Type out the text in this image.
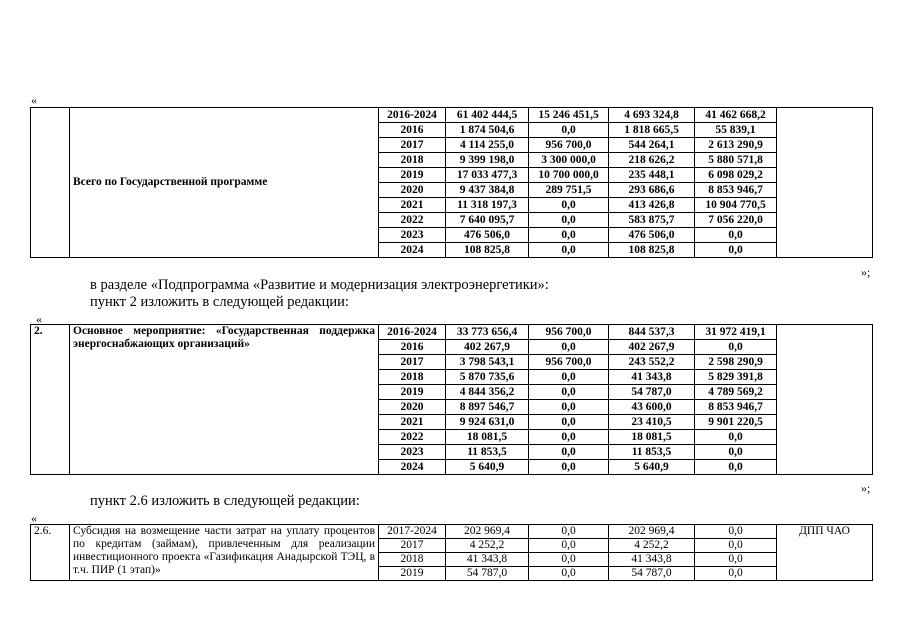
«
	Всего по Государственной программе	2016-2024	61 402 444,5	15 246 451,5	4 693 324,8	41 462 668,2	
		2016	1 874 504,6	0,0	1 818 665,5	55 839,1	
		2017	4 114 255,0	956 700,0	544 264,1	2 613 290,9	
		2018	9 399 198,0	3 300 000,0	218 626,2	5 880 571,8	
		2019	17 033 477,3	10 700 000,0	235 448,1	6 098 029,2	
		2020	9 437 384,8	289 751,5	293 686,6	8 853 946,7	
		2021	11 318 197,3	0,0	413 426,8	10 904 770,5	
		2022	7 640 095,7	0,0	583 875,7	7 056 220,0	
		2023	476 506,0	0,0	476 506,0	0,0	
		2024	108 825,8	0,0	108 825,8	0,0	
»;

в разделе «Подпрограмма «Развитие и модернизация электроэнергетики»:

пункт 2 изложить в следующей редакции:

«
2.	Основное мероприятие: «Государственная поддержка энергоснабжающих организаций»	2016-2024	33 773 656,4	956 700,0	844 537,3	31 972 419,1	
		2016	402 267,9	0,0	402 267,9	0,0	
		2017	3 798 543,1	956 700,0	243 552,2	2 598 290,9	
		2018	5 870 735,6	0,0	41 343,8	5 829 391,8	
		2019	4 844 356,2	0,0	54 787,0	4 789 569,2	
		2020	8 897 546,7	0,0	43 600,0	8 853 946,7	
		2021	9 924 631,0	0,0	23 410,5	9 901 220,5	
		2022	18 081,5	0,0	18 081,5	0,0	
		2023	11 853,5	0,0	11 853,5	0,0	
		2024	5 640,9	0,0	5 640,9	0,0	
»;

пункт 2.6 изложить в следующей редакции:

«
2.6.	Субсидия на возмещение части затрат на уплату процентов по кредитам (займам), привлеченным для реализации инвестиционного проекта «Газификация Анадырской ТЭЦ, в т.ч. ПИР (1 этап)»	2017-2024	202 969,4	0,0	202 969,4	0,0	ДПП ЧАО
		2017	4 252,2	0,0	4 252,2	0,0	
		2018	41 343,8	0,0	41 343,8	0,0	
		2019	54 787,0	0,0	54 787,0	0,0	
